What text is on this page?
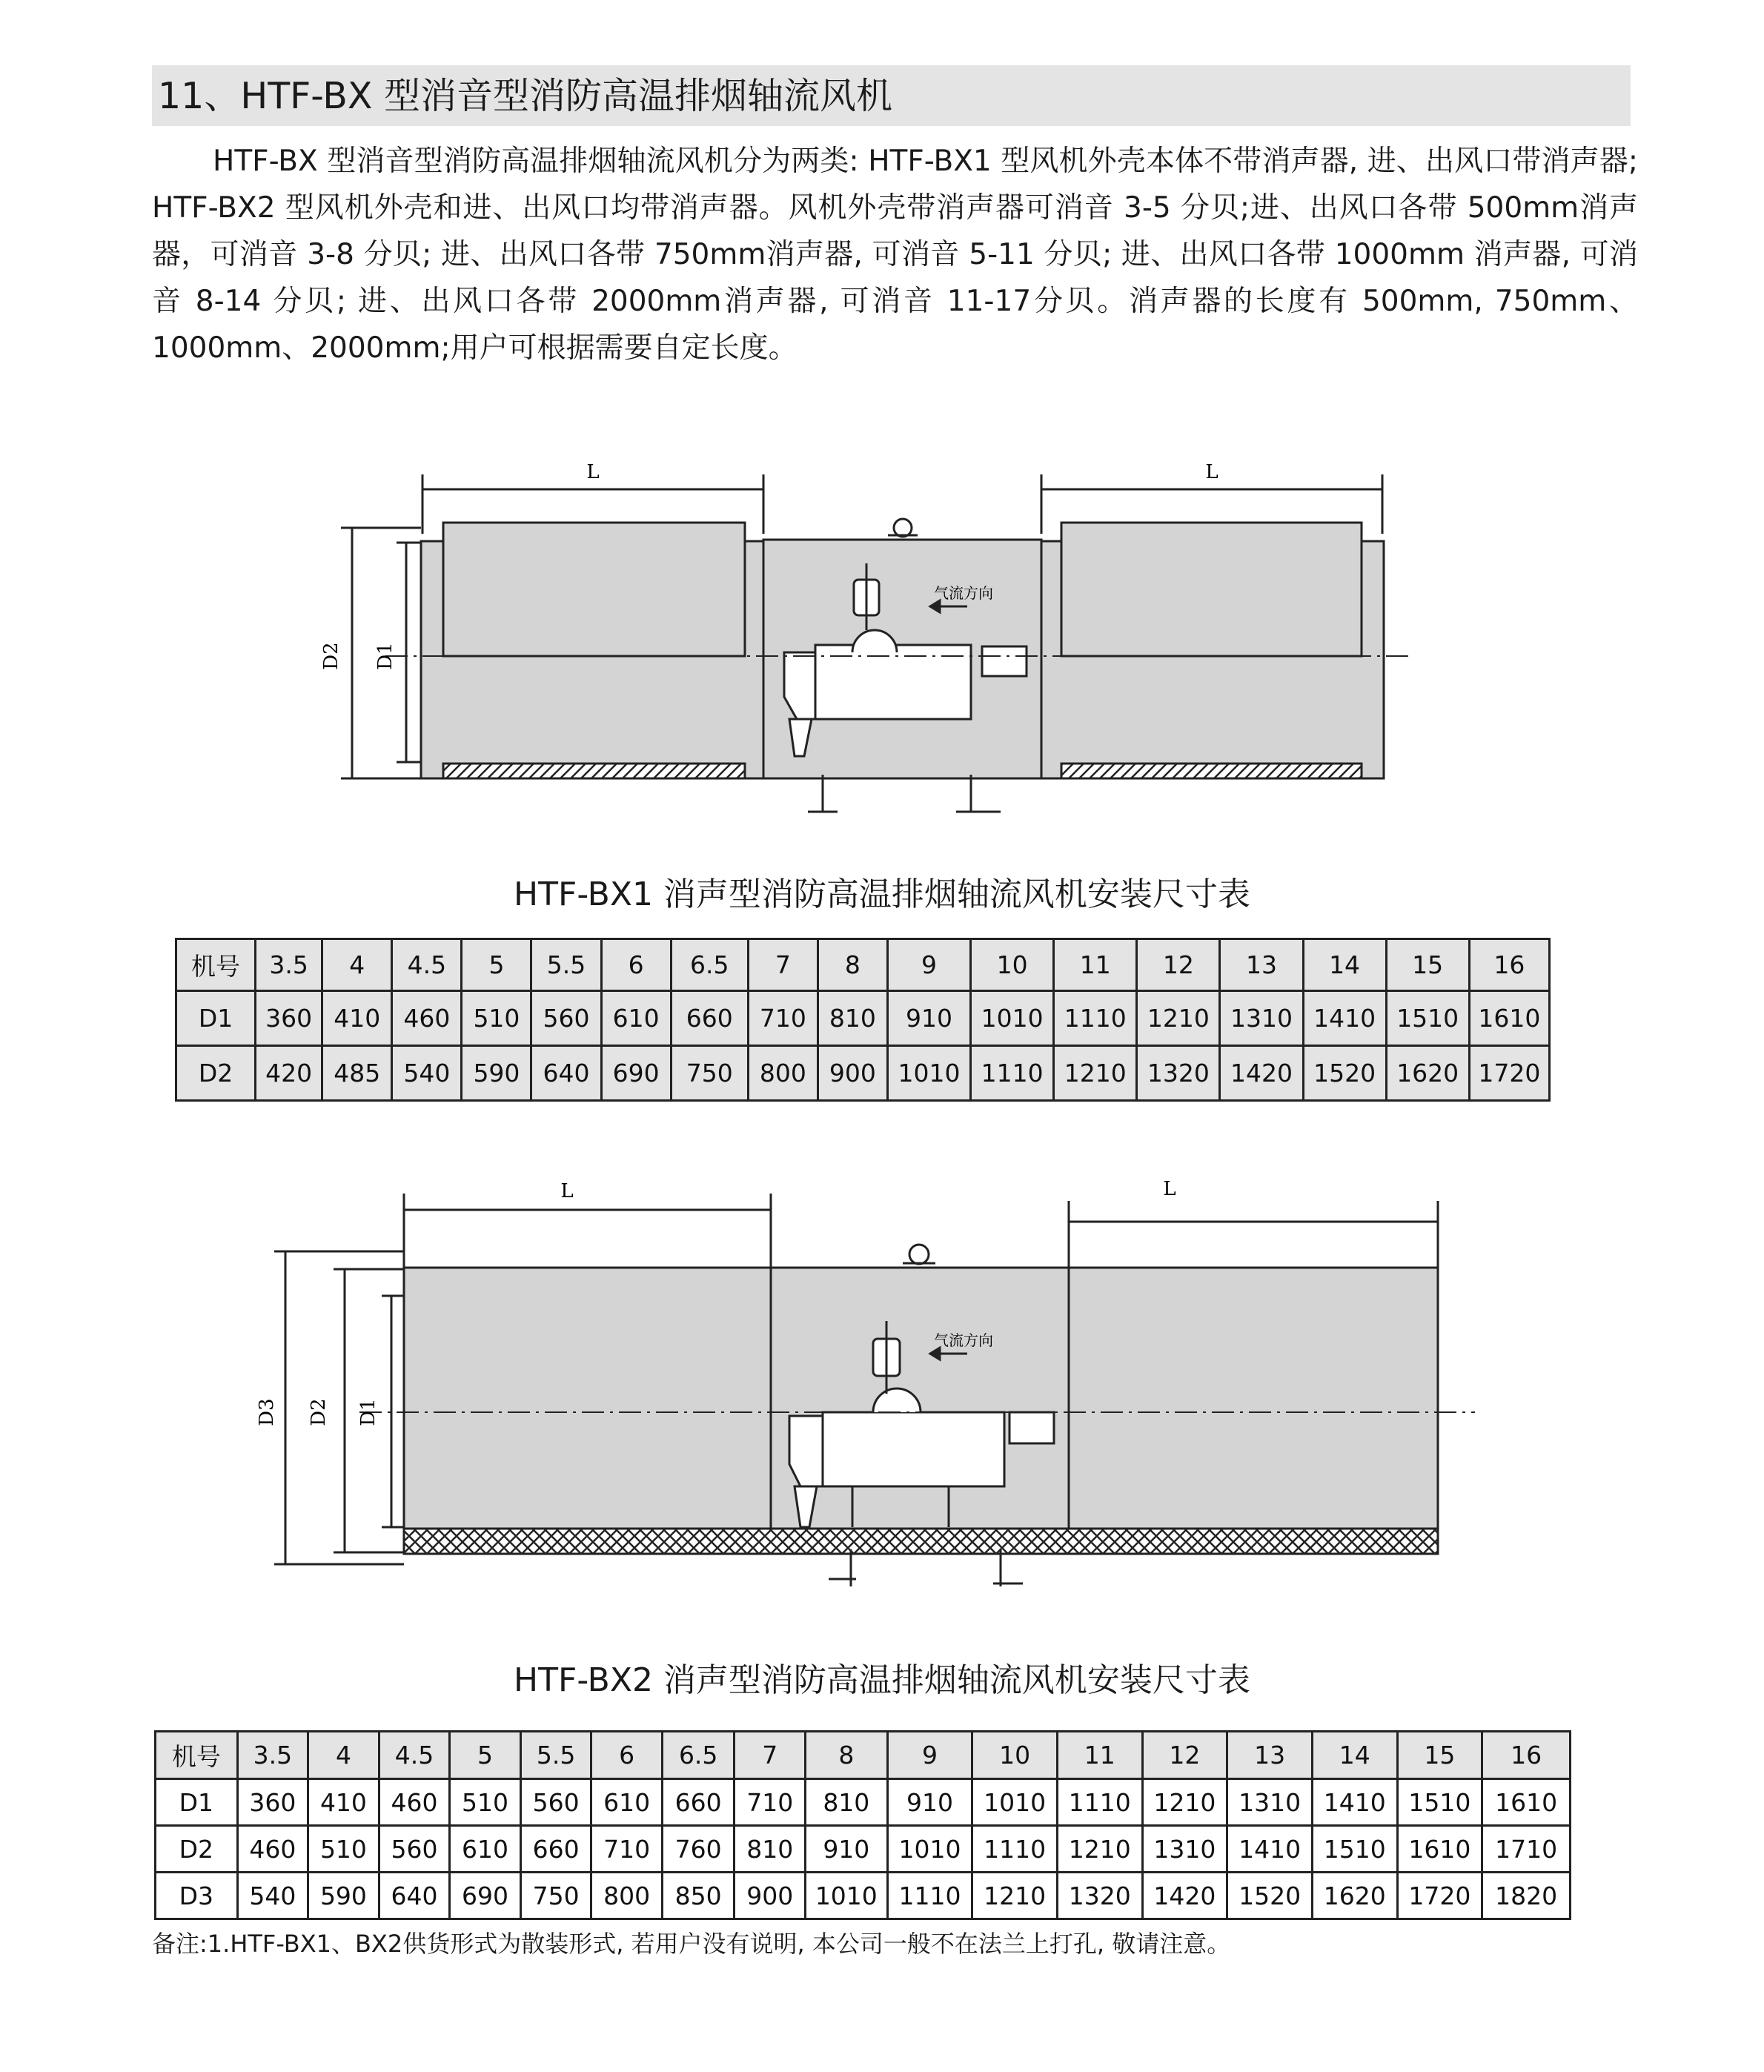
11、HTF-BX 型消音型消防高温排烟轴流风机

HTF-BX 型消音型消防高温排烟轴流风机分为两类: HTF-BX1 型风机外壳本体不带消声器, 进、出风口带消声器; HTF-BX2 型风机外壳和进、出风口均带消声器。风机外壳带消声器可消音 3-5 分贝;进、出风口各带 500mm消声器，可消音 3-8 分贝; 进、出风口各带 750mm消声器, 可消音 5-11 分贝; 进、出风口各带 1000mm 消声器, 可消音 8-14 分贝; 进、出风口各带 2000mm消声器, 可消音 11-17分贝。消声器的长度有 500mm, 750mm、1000mm、2000mm;用户可根据需要自定长度。

L	L
D2 D1
气流方向
HTF-BX1 消声型消防高温排烟轴流风机安装尺寸表
机号	3.5	4	4.5	5	5.5	6	6.5	7	8	9	10	11	12	13	14	15	16
D1	360	410	460	510	560	610	660	710	810	910	1010	1110	1210	1310	1410	1510	1610
D2	420	485	540	590	640	690	750	800	900	1010	1110	1210	1320	1420	1520	1620	1720
L	L
D3 D2 D1
气流方向
HTF-BX2 消声型消防高温排烟轴流风机安装尺寸表
机号	3.5	4	4.5	5	5.5	6	6.5	7	8	9	10	11	12	13	14	15	16
D1	360	410	460	510	560	610	660	710	810	910	1010	1110	1210	1310	1410	1510	1610
D2	460	510	560	610	660	710	760	810	910	1010	1110	1210	1310	1410	1510	1610	1710
D3	540	590	640	690	750	800	850	900	1010	1110	1210	1320	1420	1520	1620	1720	1820
备注:1.HTF-BX1、BX2供货形式为散装形式, 若用户没有说明, 本公司一般不在法兰上打孔, 敬请注意。
